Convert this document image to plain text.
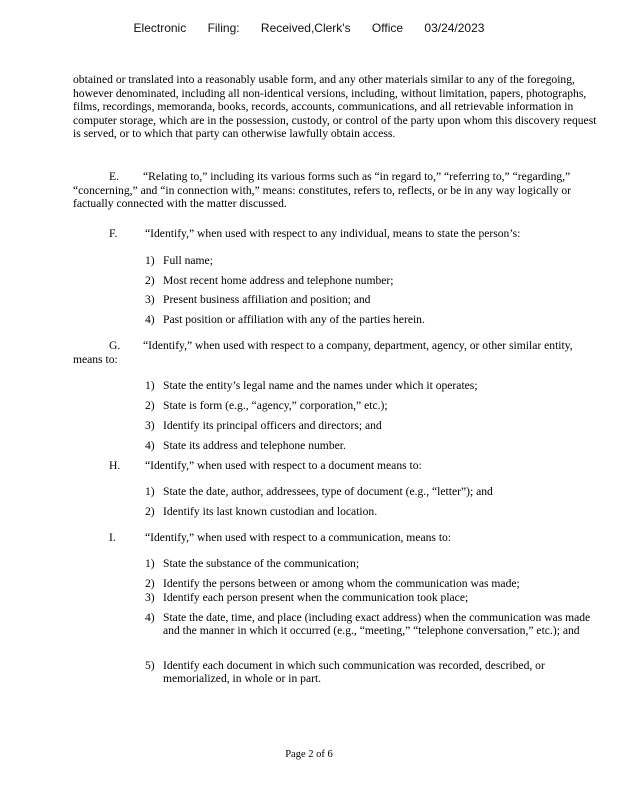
Electronic Filing: Received,Clerk's Office 03/24/2023
obtained or translated into a reasonably usable form, and any other materials similar to any of the foregoing, however denominated, including all non-identical versions, including, without limitation, papers, photographs, films, recordings, memoranda, books, records, accounts, communications, and all retrievable information in computer storage, which are in the possession, custody, or control of the party upon whom this discovery request is served, or to which that party can otherwise lawfully obtain access.
E. “Relating to,” including its various forms such as “in regard to,” “referring to,” “regarding,” “concerning,” and “in connection with,” means: constitutes, refers to, reflects, or be in any way logically or factually connected with the matter discussed.
F. “Identify,” when used with respect to any individual, means to state the person’s:
1) Full name;
2) Most recent home address and telephone number;
3) Present business affiliation and position; and
4) Past position or affiliation with any of the parties herein.
G. “Identify,” when used with respect to a company, department, agency, or other similar entity, means to:
1) State the entity’s legal name and the names under which it operates;
2) State is form (e.g., “agency,” corporation,” etc.);
3) Identify its principal officers and directors; and
4) State its address and telephone number.
H. “Identify,” when used with respect to a document means to:
1) State the date, author, addressees, type of document (e.g., “letter”); and
2) Identify its last known custodian and location.
I.	“Identify,” when used with respect to a communication, means to:
1) State the substance of the communication;
2) Identify the persons between or among whom the communication was made;
3) Identify each person present when the communication took place;
4) State the date, time, and place (including exact address) when the communication was made and the manner in which it occurred (e.g., “meeting,” “telephone conversation,” etc.); and
5) Identify each document in which such communication was recorded, described, or memorialized, in whole or in part.
Page 2 of 6
